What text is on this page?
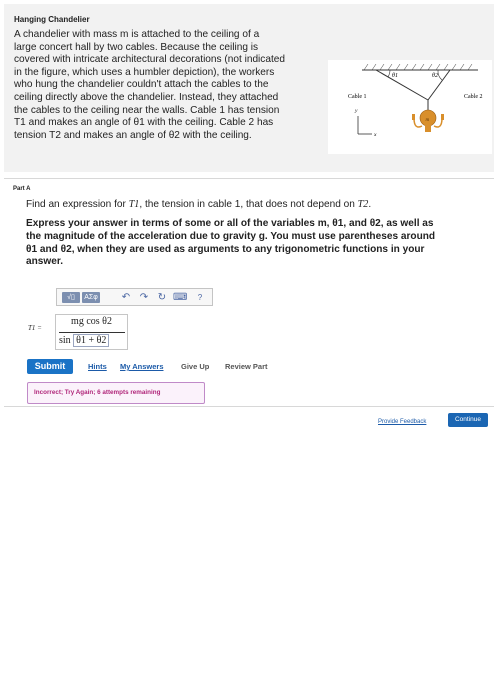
Hanging Chandelier
A chandelier with mass m is attached to the ceiling of a
large concert hall by two cables. Because the ceiling is
covered with intricate architectural decorations (not indicated
in the figure, which uses a humbler depiction), the workers
who hung the chandelier couldn't attach the cables to the
ceiling directly above the chandelier. Instead, they attached
the cables to the ceiling near the walls. Cable 1 has tension
T1 and makes an angle of θ1 with the ceiling. Cable 2 has
tension T2 and makes an angle of θ2 with the ceiling.
θ1	θ2
Cable 1	Cable 2
m
y
x
Part A
Find an expression for T1, the tension in cable 1, that does not depend on T2.
Express your answer in terms of some or all of the variables m, θ1, and θ2, as well as
the magnitude of the acceleration due to gravity g. You must use parentheses around
θ1 and θ2, when they are used as arguments to any trigonometric functions in your
answer.
√▯	ΑΣφ ↶ ↷ ↻ ⌨	?
T1 =
mg cos θ2
sin θ1 + θ2
Submit	Hints My Answers Give Up Review Part
Incorrect; Try Again; 6 attempts remaining
Provide Feedback	Continue
